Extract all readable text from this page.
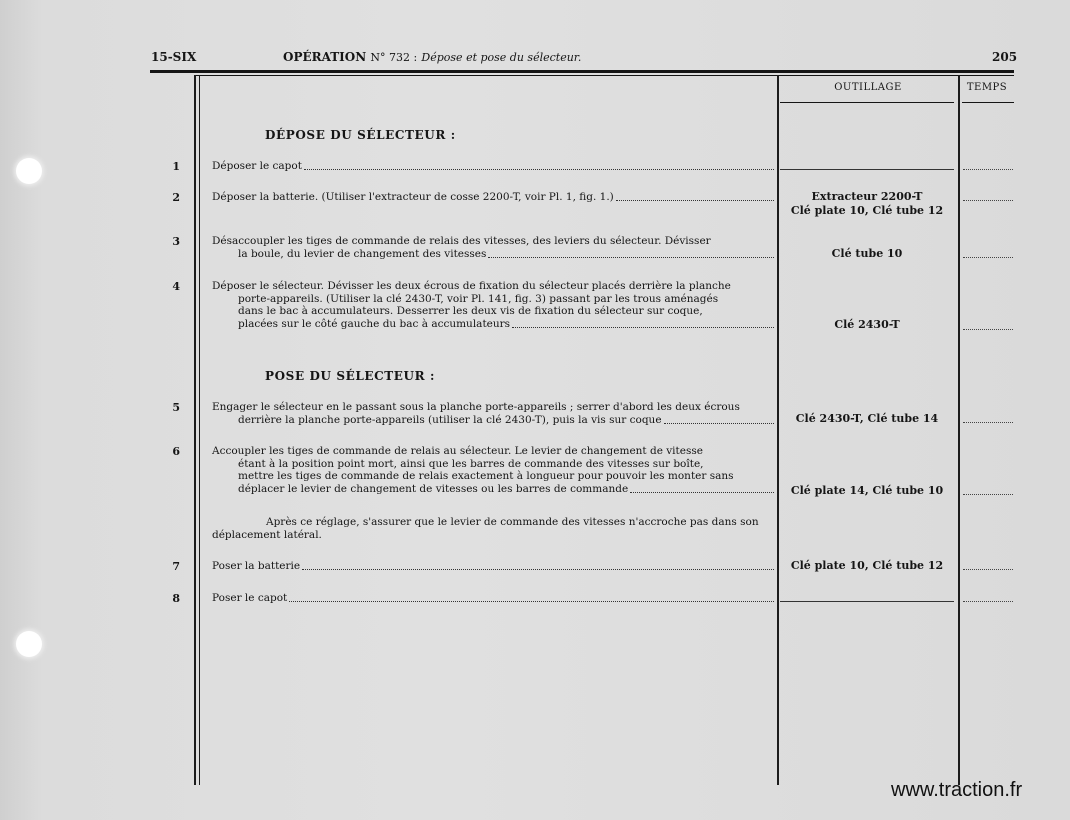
15-SIX	OPÉRATION N° 732 : Dépose et pose du sélecteur.	205
OUTILLAGE	TEMPS
DÉPOSE DU SÉLECTEUR :
1	Déposer le capot
2	Déposer la batterie. (Utiliser l'extracteur de cosse 2200-T, voir Pl. 1, fig. 1.)	Extracteur 2200-T
Clé plate 10, Clé tube 12
3	Désaccoupler les tiges de commande de relais des vitesses, des leviers du sélecteur. Dévisser
la boule, du levier de changement des vitesses	Clé tube 10
4	Déposer le sélecteur. Dévisser les deux écrous de fixation du sélecteur placés derrière la planche
porte-appareils. (Utiliser la clé 2430-T, voir Pl. 141, fig. 3) passant par les trous aménagés
dans le bac à accumulateurs. Desserrer les deux vis de fixation du sélecteur sur coque,
placées sur le côté gauche du bac à accumulateurs	Clé 2430-T
POSE DU SÉLECTEUR :
5	Engager le sélecteur en le passant sous la planche porte-appareils ; serrer d'abord les deux écrous
derrière la planche porte-appareils (utiliser la clé 2430-T), puis la vis sur coque	Clé 2430-T, Clé tube 14
6	Accoupler les tiges de commande de relais au sélecteur. Le levier de changement de vitesse
étant à la position point mort, ainsi que les barres de commande des vitesses sur boîte,
mettre les tiges de commande de relais exactement à longueur pour pouvoir les monter sans
déplacer le levier de changement de vitesses ou les barres de commande	Clé plate 14, Clé tube 10
Après ce réglage, s'assurer que le levier de commande des vitesses n'accroche pas dans son déplacement latéral.
7	Poser la batterie	Clé plate 10, Clé tube 12
8	Poser le capot
www.traction.fr
